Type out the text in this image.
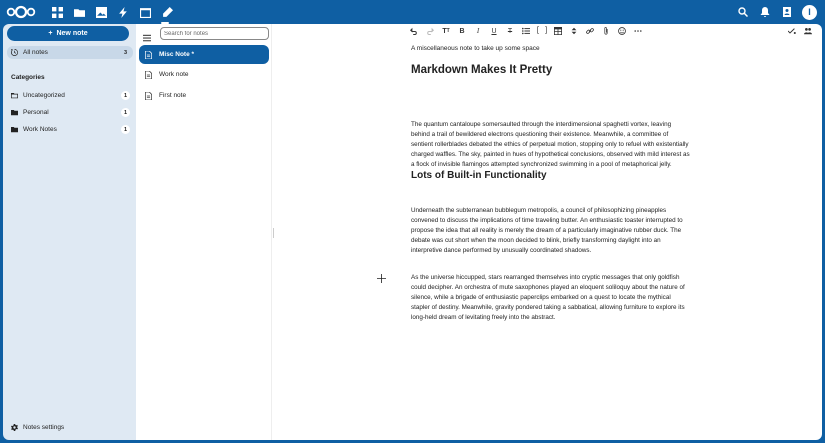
I
+ New note
All notes	3
Categories
Uncategorized	1
Personal	1
Work Notes	1
Notes settings
Search for notes
Misc Note *
Work note
First note
T T	B	I	U	T	[ ]
A miscellaneous note to take up some space
Markdown Makes It Pretty

The quantum cantaloupe somersaulted through the interdimensional spaghetti vortex, leaving behind a trail of bewildered electrons questioning their existence. Meanwhile, a committee of sentient rollerblades debated the ethics of perpetual motion, stopping only to refuel with existentially charged waffles. The sky, painted in hues of hypothetical conclusions, observed with mild interest as a flock of invisible flamingos attempted synchronized swimming in a pool of metaphorical jelly.

Lots of Built-in Functionality

Underneath the subterranean bubblegum metropolis, a council of philosophizing pineapples convened to discuss the implications of time traveling butter. An enthusiastic toaster interrupted to propose the idea that all reality is merely the dream of a particularly imaginative rubber duck. The debate was cut short when the moon decided to blink, briefly transforming daylight into an interpretive dance performed by unusually coordinated shadows.

As the universe hiccupped, stars rearranged themselves into cryptic messages that only goldfish could decipher. An orchestra of mute saxophones played an eloquent soliloquy about the nature of silence, while a brigade of enthusiastic paperclips embarked on a quest to locate the mythical stapler of destiny. Meanwhile, gravity pondered taking a sabbatical, allowing furniture to explore its long-held dream of levitating freely into the abstract.
